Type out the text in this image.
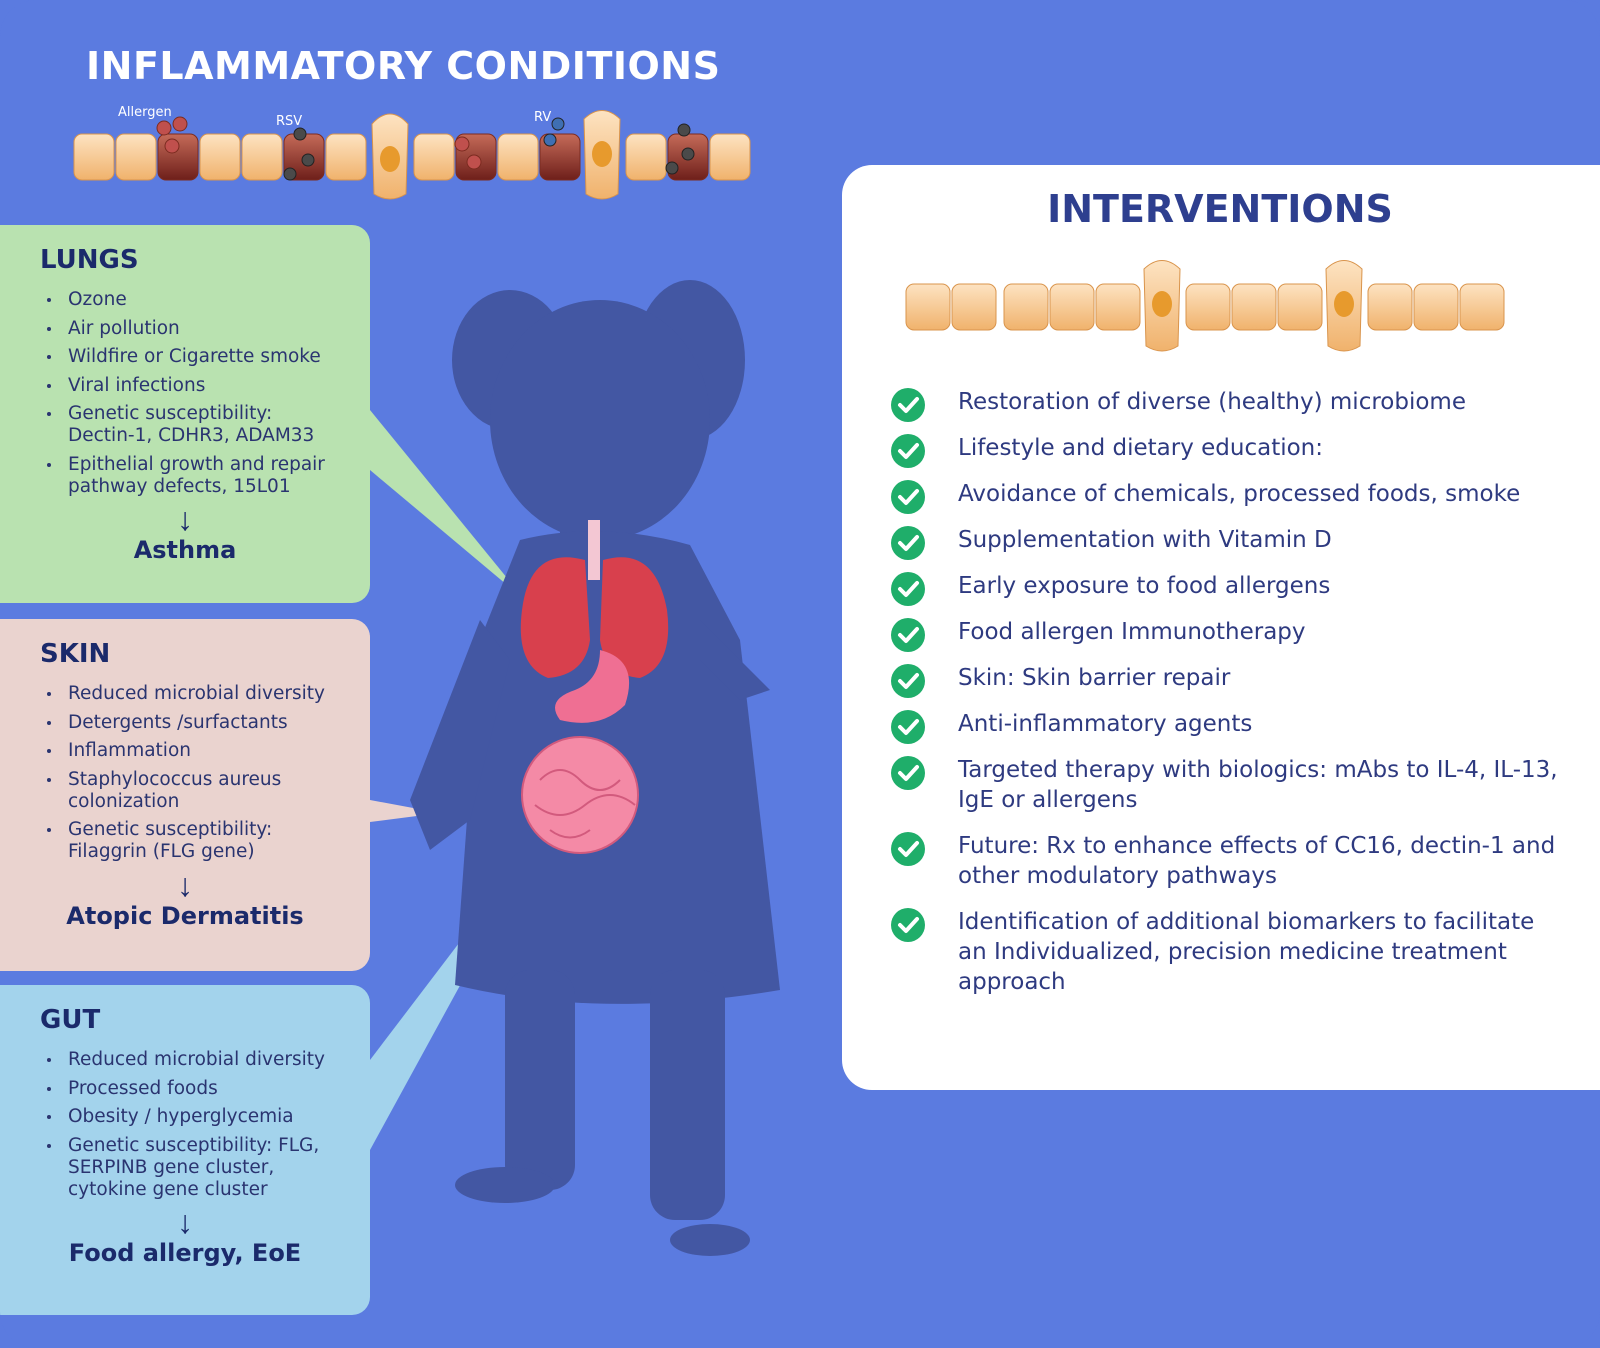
INFLAMMATORY CONDITIONS
Allergen
RSV	RV
LUNGS
Ozone
Air pollution
Wildfire or Cigarette smoke
Viral infections
Genetic susceptibility: Dectin-1, CDHR3, ADAM33
Epithelial growth and repair pathway defects, 15L01
↓
Asthma
SKIN
Reduced microbial diversity
Detergents /surfactants
Inflammation
Staphylococcus aureus colonization
Genetic susceptibility: Filaggrin (FLG gene)
↓
Atopic Dermatitis
GUT
Reduced microbial diversity
Processed foods
Obesity / hyperglycemia
Genetic susceptibility: FLG, SERPINB gene cluster, cytokine gene cluster
↓
Food allergy, EoE
INTERVENTIONS
Restoration of diverse (healthy) microbiome
Lifestyle and dietary education:
Avoidance of chemicals, processed foods, smoke
Supplementation with Vitamin D
Early exposure to food allergens
Food allergen Immunotherapy
Skin: Skin barrier repair
Anti-inflammatory agents
Targeted therapy with biologics: mAbs to IL-4, IL-13, IgE or allergens
Future: Rx to enhance effects of CC16, dectin-1 and other modulatory pathways
Identification of additional biomarkers to facilitate an Individualized, precision medicine treatment approach
